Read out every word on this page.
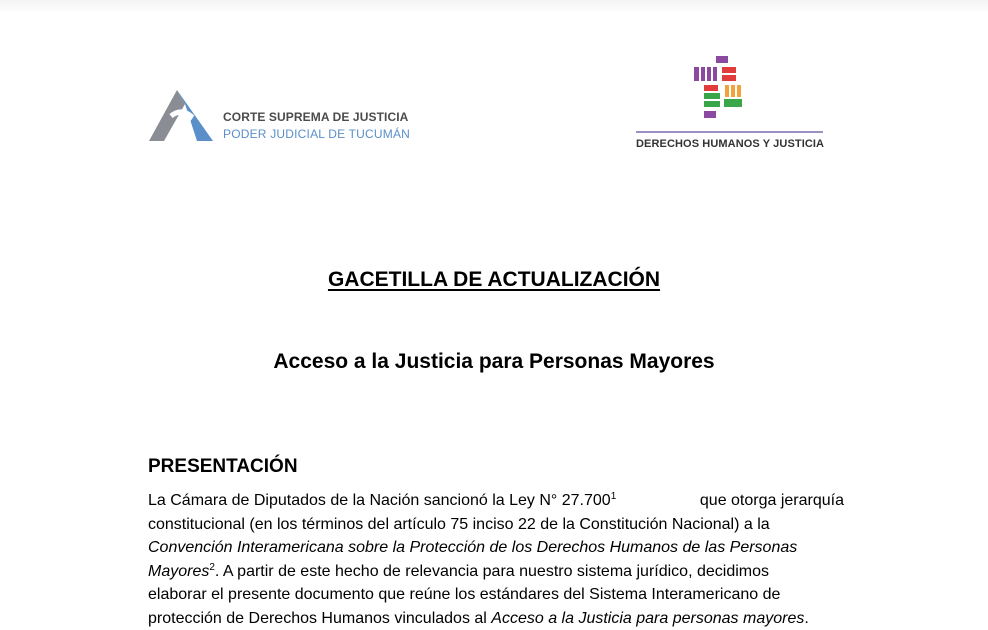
CORTE SUPREMA DE JUSTICIA
PODER JUDICIAL DE TUCUMÁN
DERECHOS HUMANOS Y JUSTICIA
GACETILLA DE ACTUALIZACIÓN
Acceso a la Justicia para Personas Mayores
PRESENTACIÓN
La Cámara de Diputados de la Nación sancionó la Ley N° 27.700$^1$	que otorga jerarquía
constitucional (en los términos del artículo 75 inciso 22 de la Constitución Nacional) a la
Convención Interamericana sobre la Protección de los Derechos Humanos de las Personas
Mayores$^2$. A partir de este hecho de relevancia para nuestro sistema jurídico, decidimos
elaborar el presente documento que reúne los estándares del Sistema Interamericano de
protección de Derechos Humanos vinculados al Acceso a la Justicia para personas mayores.
